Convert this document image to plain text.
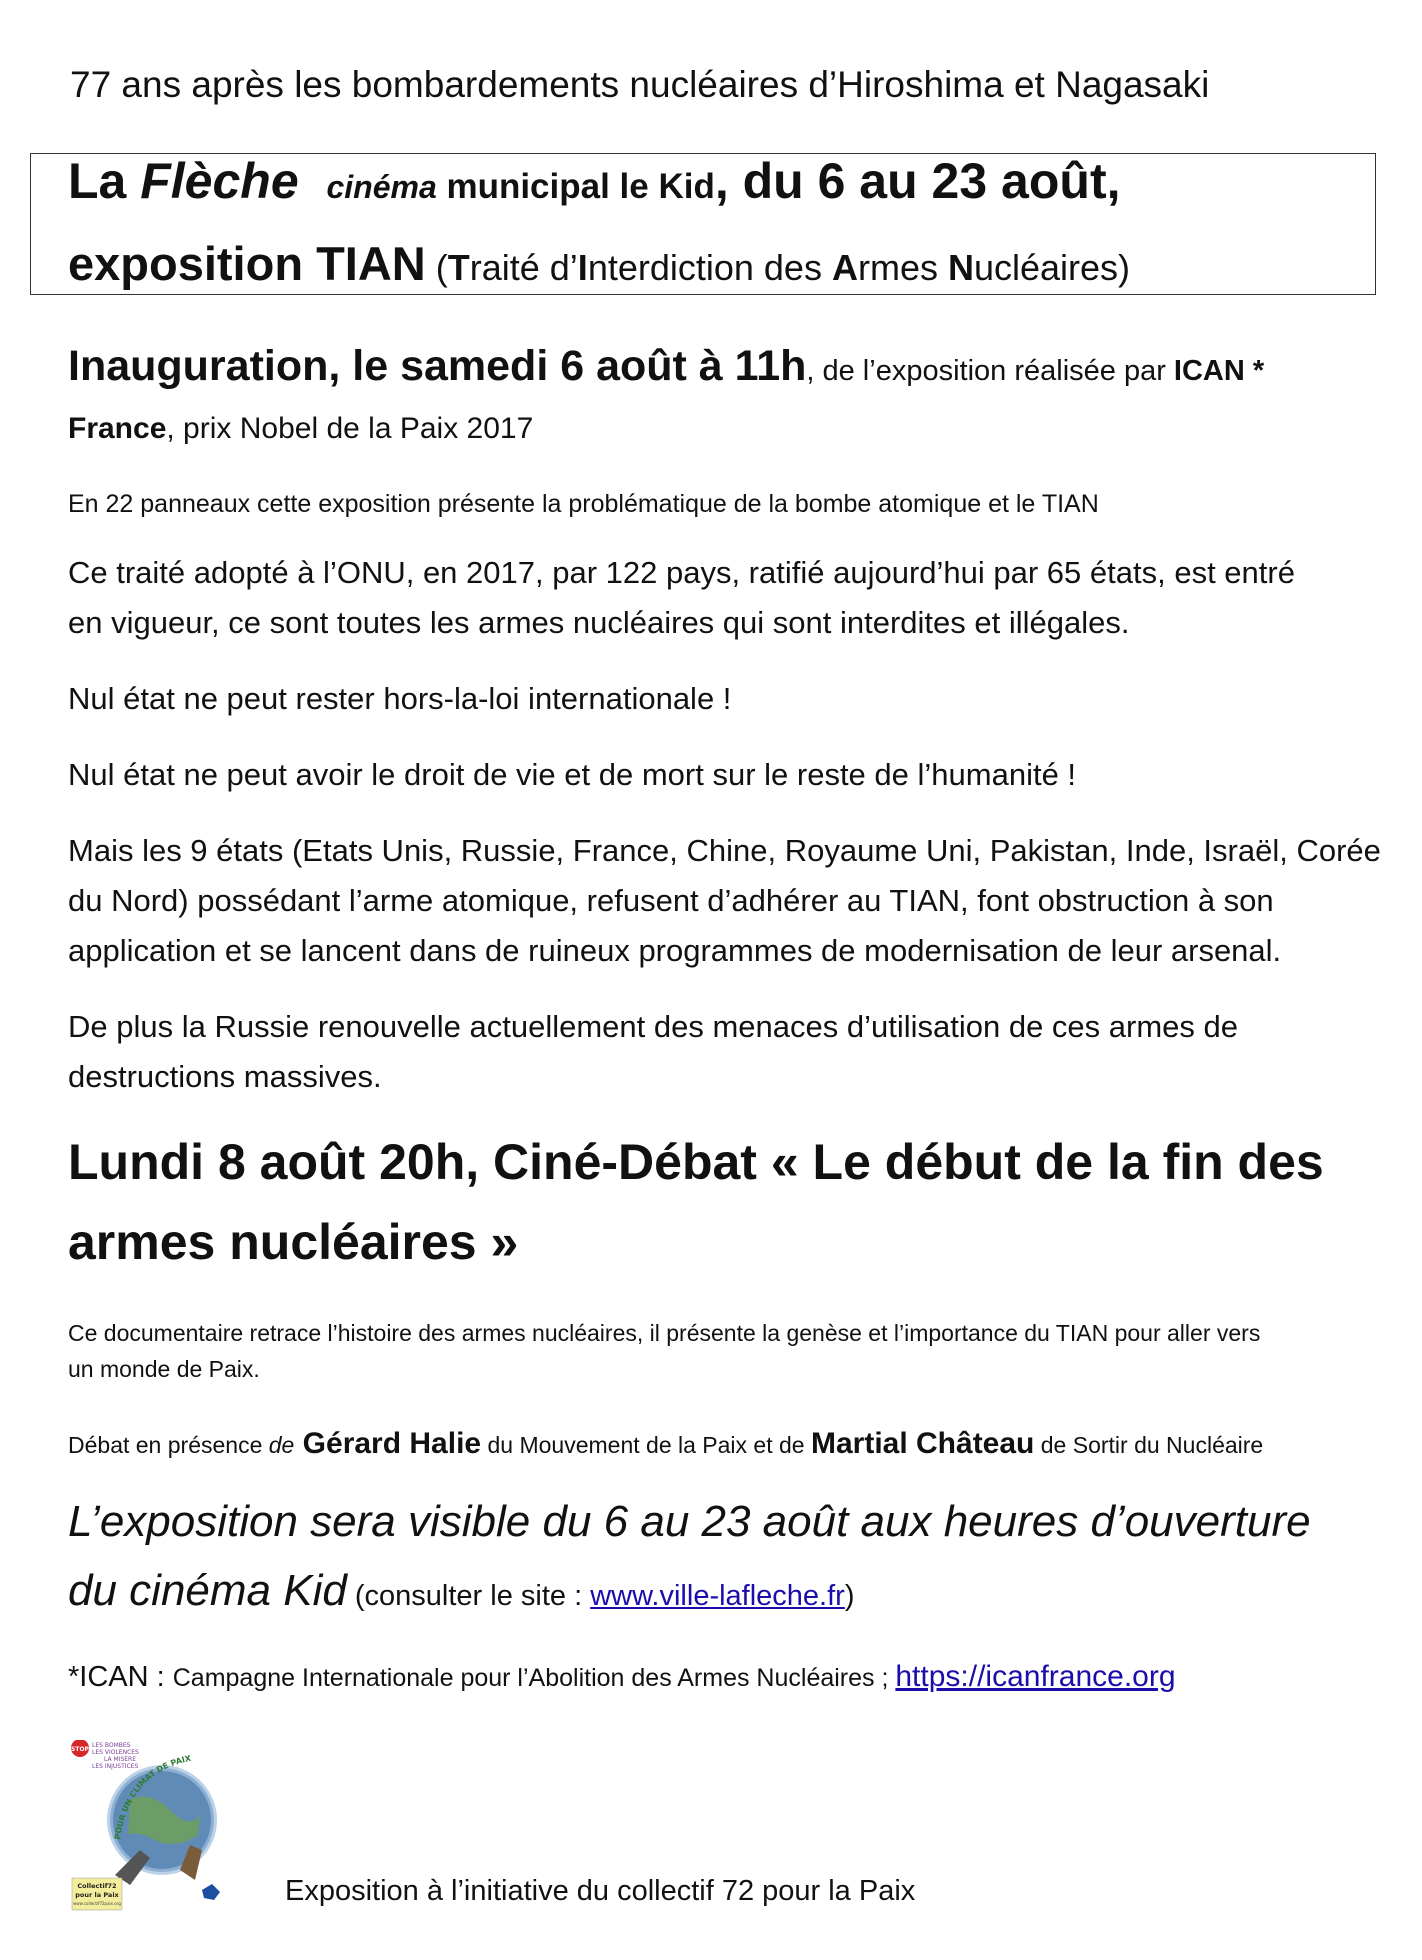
77 ans après les bombardements nucléaires d’Hiroshima et Nagasaki
La Flèche cinéma municipal le Kid, du 6 au 23 août,
exposition TIAN (Traité d’Interdiction des Armes Nucléaires)
Inauguration, le samedi 6 août à 11h, de l’exposition réalisée par ICAN *
France, prix Nobel de la Paix 2017
En 22 panneaux cette exposition présente la problématique de la bombe atomique et le TIAN
Ce traité adopté à l’ONU, en 2017, par 122 pays, ratifié aujourd’hui par 65 états, est entré
en vigueur, ce sont toutes les armes nucléaires qui sont interdites et illégales.
Nul état ne peut rester hors-la-loi internationale !
Nul état ne peut avoir le droit de vie et de mort sur le reste de l’humanité !
Mais les 9 états (Etats Unis, Russie, France, Chine, Royaume Uni, Pakistan, Inde, Israël, Corée
du Nord) possédant l’arme atomique, refusent d’adhérer au TIAN, font obstruction à son
application et se lancent dans de ruineux programmes de modernisation de leur arsenal.
De plus la Russie renouvelle actuellement des menaces d’utilisation de ces armes de
destructions massives.
Lundi 8 août 20h, Ciné-Débat « Le début de la fin des
armes nucléaires »
Ce documentaire retrace l’histoire des armes nucléaires, il présente la genèse et l’importance du TIAN pour aller vers
un monde de Paix.
Débat en présence de Gérard Halie du Mouvement de la Paix et de Martial Château de Sortir du Nucléaire
L’exposition sera visible du 6 au 23 août aux heures d’ouverture
du cinéma Kid (consulter le site : www.ville-lafleche.fr)
*ICAN : Campagne Internationale pour l’Abolition des Armes Nucléaires ; https://icanfrance.org
STOP
LES BOMBES
LES VIOLENCES
LA MISÈRE
LES INJUSTICES
POUR UN CLIMAT DE PAIX
Collectif72
pour la Paix
www.collectif72paix.org	Exposition à l’initiative du collectif 72 pour la Paix
